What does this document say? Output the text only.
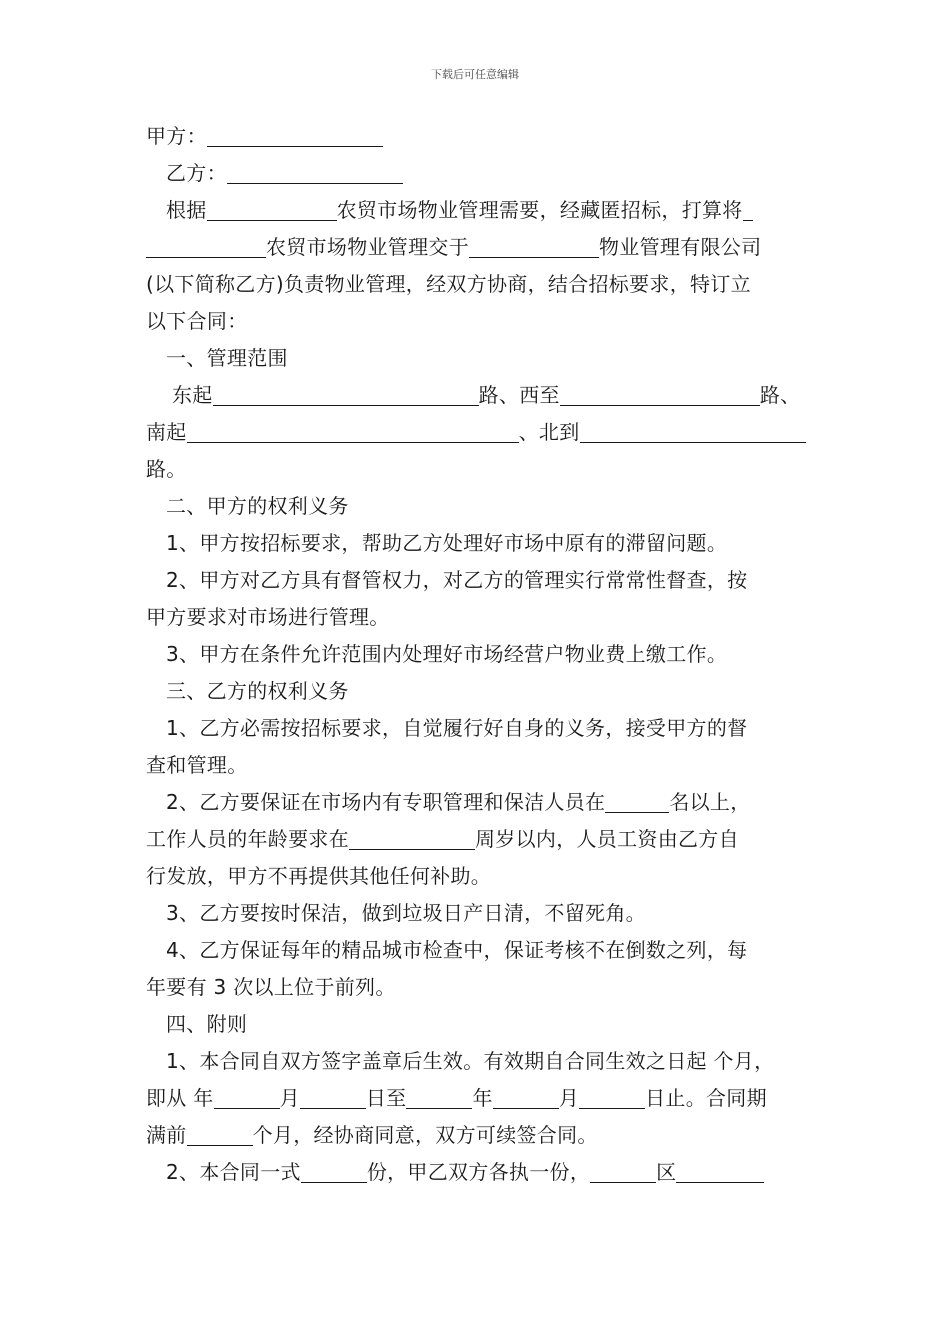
下载后可任意编辑

甲方：

乙方：

根据	农贸市场物业管理需要，经藏匿招标，打算将

农贸市场物业管理交于	物业管理有限公司

(以下简称乙方)负责物业管理，经双方协商，结合招标要求，特订立

以下合同：

一、管理范围

东起	路、西至	路、

南起	、北到

路。

二、甲方的权利义务

1、甲方按招标要求，帮助乙方处理好市场中原有的滞留问题。

2、甲方对乙方具有督管权力，对乙方的管理实行常常性督查，按

甲方要求对市场进行管理。

3、甲方在条件允许范围内处理好市场经营户物业费上缴工作。

三、乙方的权利义务

1、乙方必需按招标要求，自觉履行好自身的义务，接受甲方的督

查和管理。

2、乙方要保证在市场内有专职管理和保洁人员在	名以上，

工作人员的年龄要求在	周岁以内，人员工资由乙方自

行发放，甲方不再提供其他任何补助。

3、乙方要按时保洁，做到垃圾日产日清，不留死角。

4、乙方保证每年的精品城市检查中，保证考核不在倒数之列，每

年要有 3 次以上位于前列。

四、附则

1、本合同自双方签字盖章后生效。有效期自合同生效之日起 个月，

即从 年	月	日至	年	月	日止。合同期

满前	个月，经协商同意，双方可续签合同。

2、本合同一式	份，甲乙双方各执一份，	区
